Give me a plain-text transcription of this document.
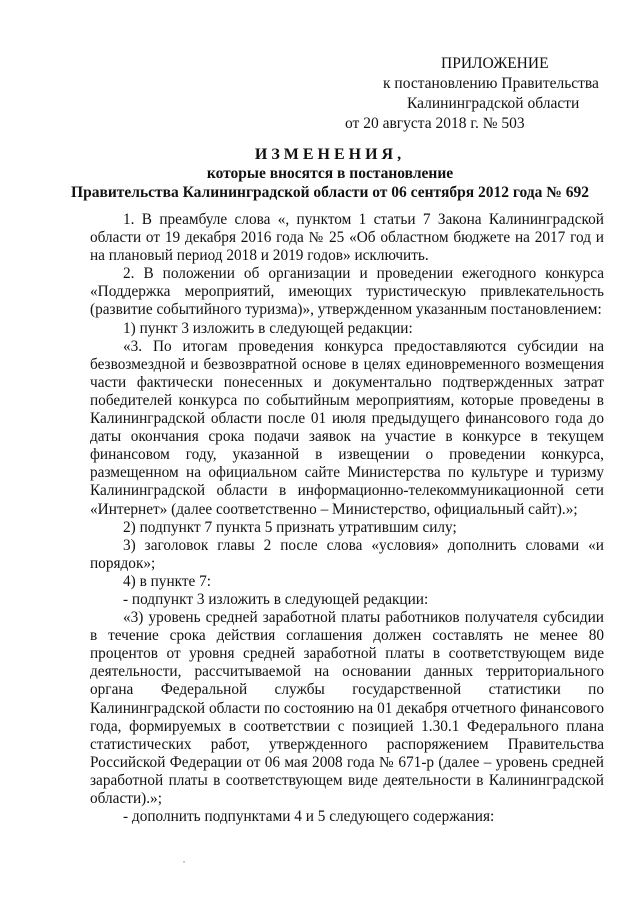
ПРИЛОЖЕНИЕ
к постановлению Правительства
Калининградской области
от 20 августа 2018 г. № 503
ИЗМЕНЕНИЯ,
которые вносятся в постановление
Правительства Калининградской области от 06 сентября 2012 года № 692
1. В преамбуле слова «, пунктом 1 статьи 7 Закона Калининградской области от 19 декабря 2016 года № 25 «Об областном бюджете на 2017 год и на плановый период 2018 и 2019 годов» исключить.
2. В положении об организации и проведении ежегодного конкурса «Поддержка мероприятий, имеющих туристическую привлекательность (развитие событийного туризма)», утвержденном указанным постановлением:
1) пункт 3 изложить в следующей редакции:
«3. По итогам проведения конкурса предоставляются субсидии на безвозмездной и безвозвратной основе в целях единовременного возмещения части фактически понесенных и документально подтвержденных затрат победителей конкурса по событийным мероприятиям, которые проведены в Калининградской области после 01 июля предыдущего финансового года до даты окончания срока подачи заявок на участие в конкурсе в текущем финансовом году, указанной в извещении о проведении конкурса, размещенном на официальном сайте Министерства по культуре и туризму Калининградской области в информационно-телекоммуникационной сети «Интернет» (далее соответственно – Министерство, официальный сайт).»;
2) подпункт 7 пункта 5 признать утратившим силу;
3) заголовок главы 2 после слова «условия» дополнить словами «и порядок»;
4) в пункте 7:
- подпункт 3 изложить в следующей редакции:
«3) уровень средней заработной платы работников получателя субсидии в течение срока действия соглашения должен составлять не менее 80 процентов от уровня средней заработной платы в соответствующем виде деятельности, рассчитываемой на основании данных территориального органа Федеральной службы государственной статистики по Калининградской области по состоянию на 01 декабря отчетного финансового года, формируемых в соответствии с позицией 1.30.1 Федерального плана статистических работ, утвержденного распоряжением Правительства Российской Федерации от 06 мая 2008 года № 671-р (далее – уровень средней заработной платы в соответствующем виде деятельности в Калининградской области).»;
- дополнить подпунктами 4 и 5 следующего содержания:
˙
